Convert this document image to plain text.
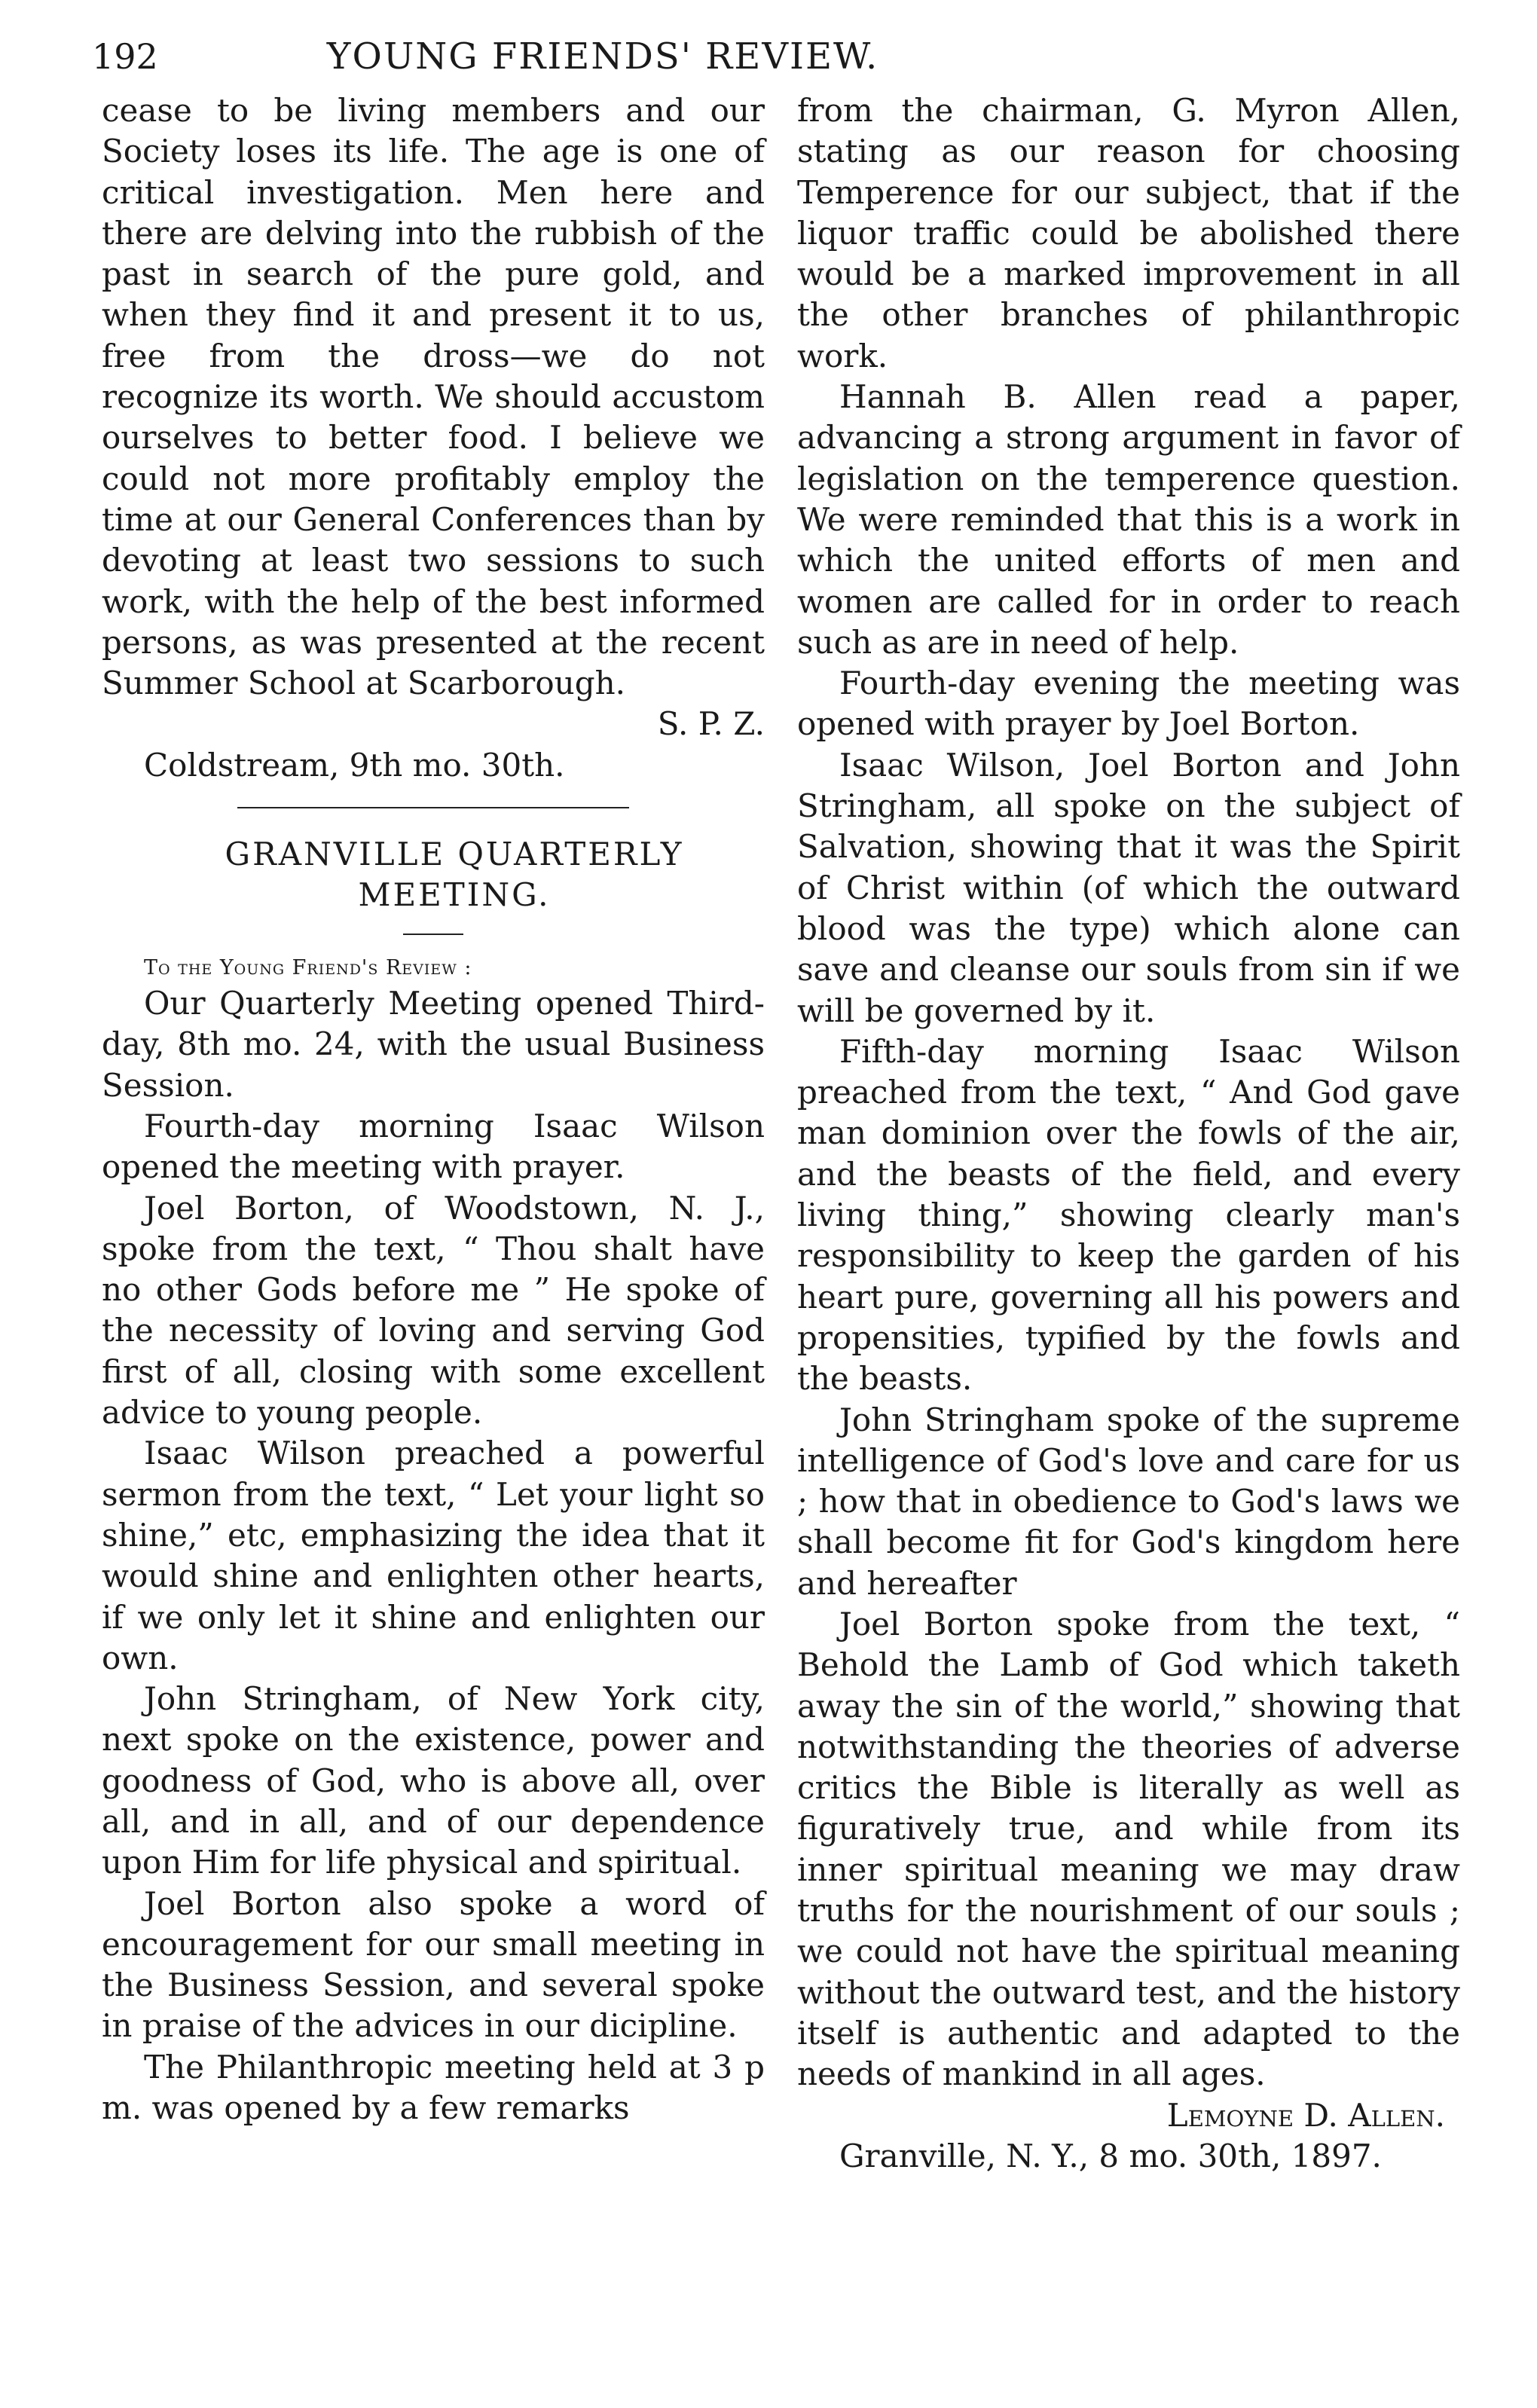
192	YOUNG FRIENDS' REVIEW.

cease to be living members and our Society loses its life. The age is one of critical investigation. Men here and there are delving into the rubbish of the past in search of the pure gold, and when they find it and present it to us, free from the dross—we do not recognize its worth. We should accustom ourselves to better food. I believe we could not more profitably employ the time at our General Conferences than by devoting at least two sessions to such work, with the help of the best informed persons, as was presented at the recent Summer School at Scarborough.

S. P. Z.

Coldstream, 9th mo. 30th.

GRANVILLE QUARTERLY

MEETING.

To the Young Friend's Review :

Our Quarterly Meeting opened Third-day, 8th mo. 24, with the usual Business Session.

Fourth-day morning Isaac Wilson opened the meeting with prayer.

Joel Borton, of Woodstown, N. J., spoke from the text, “ Thou shalt have no other Gods before me ” He spoke of the necessity of loving and serving God first of all, closing with some excellent advice to young people.

Isaac Wilson preached a powerful sermon from the text, “ Let your light so shine,” etc, emphasizing the idea that it would shine and enlighten other hearts, if we only let it shine and enlighten our own.

John Stringham, of New York city, next spoke on the existence, power and goodness of God, who is above all, over all, and in all, and of our dependence upon Him for life physical and spiritual.

Joel Borton also spoke a word of encouragement for our small meeting in the Business Session, and several spoke in praise of the advices in our dicipline.

The Philanthropic meeting held at 3 p m. was opened by a few remarks

from the chairman, G. Myron Allen, stating as our reason for choosing Temperence for our subject, that if the liquor traffic could be abolished there would be a marked improvement in all the other branches of philanthropic work.

Hannah B. Allen read a paper, advancing a strong argument in favor of legislation on the temperence question. We were reminded that this is a work in which the united efforts of men and women are called for in order to reach such as are in need of help.

Fourth-day evening the meeting was opened with prayer by Joel Borton.

Isaac Wilson, Joel Borton and John Stringham, all spoke on the subject of Salvation, showing that it was the Spirit of Christ within (of which the outward blood was the type) which alone can save and cleanse our souls from sin if we will be governed by it.

Fifth-day morning Isaac Wilson preached from the text, “ And God gave man dominion over the fowls of the air, and the beasts of the field, and every living thing,” showing clearly man's responsibility to keep the garden of his heart pure, governing all his powers and propensities, typified by the fowls and the beasts.

John Stringham spoke of the supreme intelligence of God's love and care for us ; how that in obedience to God's laws we shall become fit for God's kingdom here and hereafter

Joel Borton spoke from the text, “ Behold the Lamb of God which taketh away the sin of the world,” showing that notwithstanding the theories of adverse critics the Bible is literally as well as figuratively true, and while from its inner spiritual meaning we may draw truths for the nourishment of our souls ; we could not have the spiritual meaning without the outward test, and the history itself is authentic and adapted to the needs of mankind in all ages.

Lemoyne D. Allen.

Granville, N. Y., 8 mo. 30th, 1897.
